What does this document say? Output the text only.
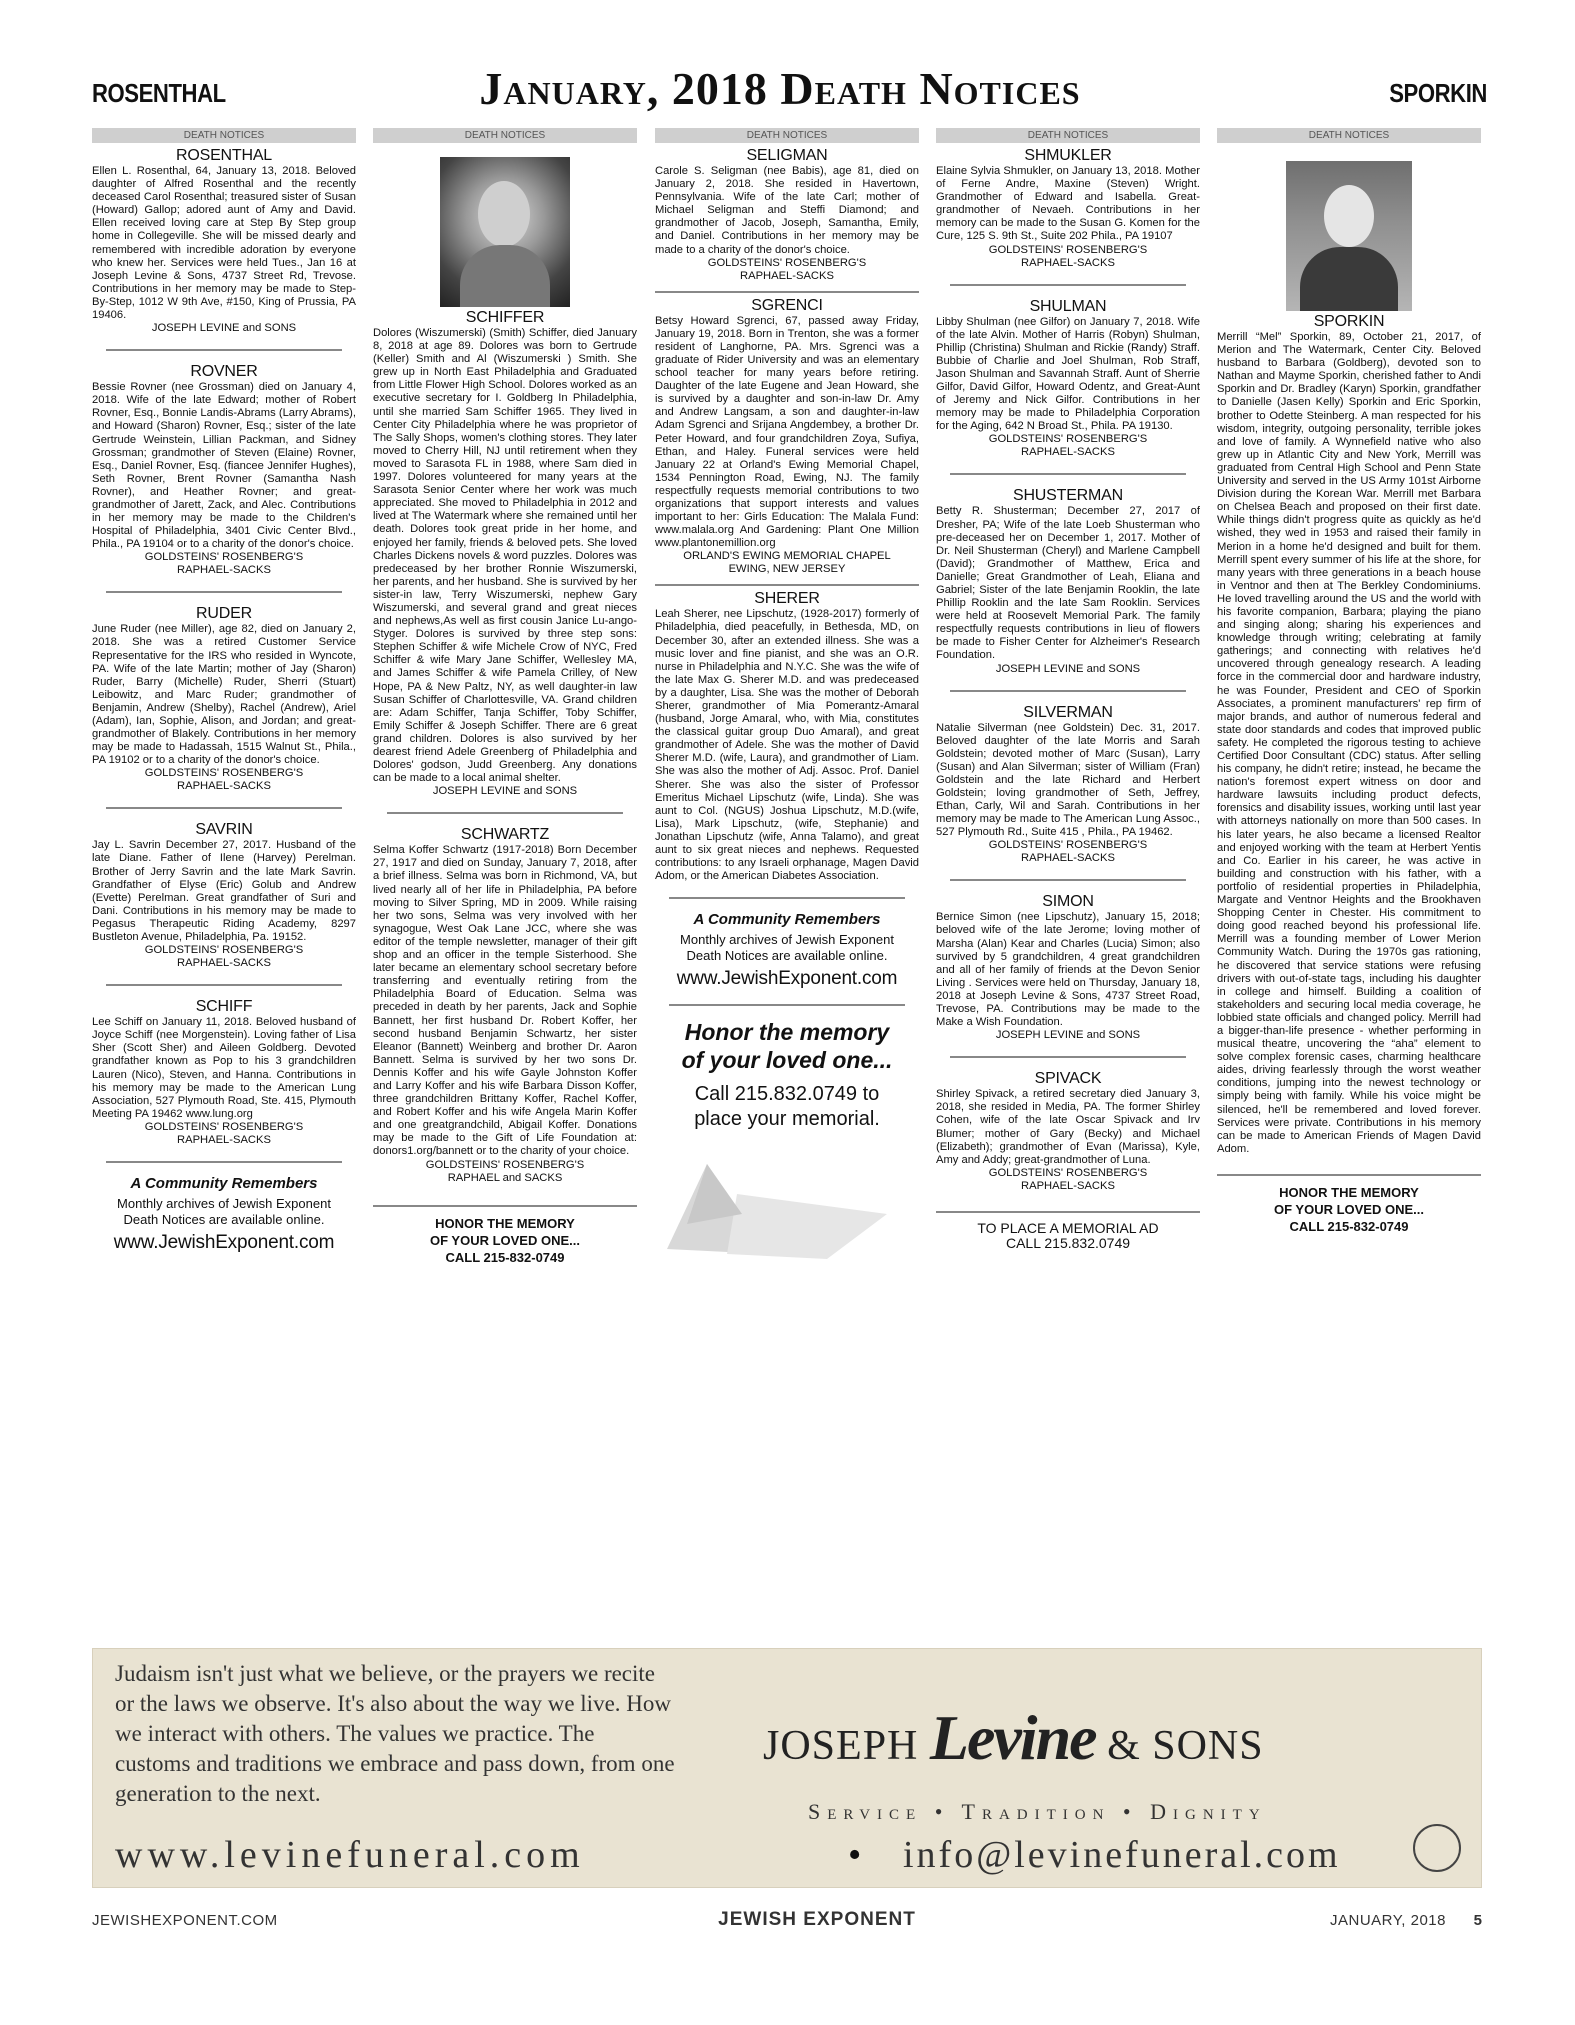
ROSENTHAL	January, 2018 Death Notices	SPORKIN
DEATH NOTICES
ROSENTHAL

Ellen L. Rosenthal, 64, January 13, 2018. Beloved daughter of Alfred Rosenthal and the recently deceased Carol Rosenthal; treasured sister of Susan (Howard) Gallop; adored aunt of Amy and David. Ellen received loving care at Step By Step group home in Collegeville. She will be missed dearly and remembered with incredible adoration by everyone who knew her. Services were held Tues., Jan 16 at Joseph Levine & Sons, 4737 Street Rd, Trevose. Contributions in her memory may be made to Step-By-Step, 1012 W 9th Ave, #150, King of Prussia, PA 19406.

JOSEPH LEVINE and SONS
ROVNER

Bessie Rovner (nee Grossman) died on January 4, 2018. Wife of the late Edward; mother of Robert Rovner, Esq., Bonnie Landis-Abrams (Larry Abrams), and Howard (Sharon) Rovner, Esq.; sister of the late Gertrude Weinstein, Lillian Packman, and Sidney Grossman; grandmother of Steven (Elaine) Rovner, Esq., Daniel Rovner, Esq. (fiancee Jennifer Hughes), Seth Rovner, Brent Rovner (Samantha Nash Rovner), and Heather Rovner; and great-grandmother of Jarett, Zack, and Alec. Contributions in her memory may be made to the Children's Hospital of Philadelphia, 3401 Civic Center Blvd., Phila., PA 19104 or to a charity of the donor's choice.

GOLDSTEINS' ROSENBERG'S
RAPHAEL-SACKS
RUDER

June Ruder (nee Miller), age 82, died on January 2, 2018. She was a retired Customer Service Representative for the IRS who resided in Wyncote, PA. Wife of the late Martin; mother of Jay (Sharon) Ruder, Barry (Michelle) Ruder, Sherri (Stuart) Leibowitz, and Marc Ruder; grandmother of Benjamin, Andrew (Shelby), Rachel (Andrew), Ariel (Adam), Ian, Sophie, Alison, and Jordan; and great-grandmother of Blakely. Contributions in her memory may be made to Hadassah, 1515 Walnut St., Phila., PA 19102 or to a charity of the donor's choice.

GOLDSTEINS' ROSENBERG'S
RAPHAEL-SACKS
SAVRIN

Jay L. Savrin December 27, 2017. Husband of the late Diane. Father of Ilene (Harvey) Perelman. Brother of Jerry Savrin and the late Mark Savrin. Grandfather of Elyse (Eric) Golub and Andrew (Evette) Perelman. Great grandfather of Suri and Dani. Contributions in his memory may be made to Pegasus Therapeutic Riding Academy, 8297 Bustleton Avenue, Philadelphia, Pa. 19152.

GOLDSTEINS' ROSENBERG'S
RAPHAEL-SACKS
SCHIFF

Lee Schiff on January 11, 2018. Beloved husband of Joyce Schiff (nee Morgenstein). Loving father of Lisa Sher (Scott Sher) and Aileen Goldberg. Devoted grandfather known as Pop to his 3 grandchildren Lauren (Nico), Steven, and Hanna. Contributions in his memory may be made to the American Lung Association, 527 Plymouth Road, Ste. 415, Plymouth Meeting PA 19462 www.lung.org

GOLDSTEINS' ROSENBERG'S
RAPHAEL-SACKS
A Community Remembers
Monthly archives of Jewish Exponent
Death Notices are available online.
www.JewishExponent.com
DEATH NOTICES
SCHIFFER

Dolores (Wiszumerski) (Smith) Schiffer, died January 8, 2018 at age 89. Dolores was born to Gertrude (Keller) Smith and Al (Wiszumerski ) Smith. She grew up in North East Philadelphia and Graduated from Little Flower High School. Dolores worked as an executive secretary for I. Goldberg In Philadelphia, until she married Sam Schiffer 1965. They lived in Center City Philadelphia where he was proprietor of The Sally Shops, women's clothing stores. They later moved to Cherry Hill, NJ until retirement when they moved to Sarasota FL in 1988, where Sam died in 1997. Dolores volunteered for many years at the Sarasota Senior Center where her work was much appreciated. She moved to Philadelphia in 2012 and lived at The Watermark where she remained until her death. Dolores took great pride in her home, and enjoyed her family, friends & beloved pets. She loved Charles Dickens novels & word puzzles. Dolores was predeceased by her brother Ronnie Wiszumerski, her parents, and her husband. She is survived by her sister-in law, Terry Wiszumerski, nephew Gary Wiszumerski, and several grand and great nieces and nephews,As well as first cousin Janice Lu-ango-Styger. Dolores is survived by three step sons: Stephen Schiffer & wife Michele Crow of NYC, Fred Schiffer & wife Mary Jane Schiffer, Wellesley MA, and James Schiffer & wife Pamela Crilley, of New Hope, PA & New Paltz, NY, as well daughter-in law Susan Schiffer of Charlottesville, VA. Grand children are: Adam Schiffer, Tanja Schiffer, Toby Schiffer, Emily Schiffer & Joseph Schiffer. There are 6 great grand children. Dolores is also survived by her dearest friend Adele Greenberg of Philadelphia and Dolores' godson, Judd Greenberg. Any donations can be made to a local animal shelter.

JOSEPH LEVINE and SONS
SCHWARTZ

Selma Koffer Schwartz (1917-2018) Born December 27, 1917 and died on Sunday, January 7, 2018, after a brief illness. Selma was born in Richmond, VA, but lived nearly all of her life in Philadelphia, PA before moving to Silver Spring, MD in 2009. While raising her two sons, Selma was very involved with her synagogue, West Oak Lane JCC, where she was editor of the temple newsletter, manager of their gift shop and an officer in the temple Sisterhood. She later became an elementary school secretary before transferring and eventually retiring from the Philadelphia Board of Education. Selma was preceded in death by her parents, Jack and Sophie Bannett, her first husband Dr. Robert Koffer, her second husband Benjamin Schwartz, her sister Eleanor (Bannett) Weinberg and brother Dr. Aaron Bannett. Selma is survived by her two sons Dr. Dennis Koffer and his wife Gayle Johnston Koffer and Larry Koffer and his wife Barbara Disson Koffer, three grandchildren Brittany Koffer, Rachel Koffer, and Robert Koffer and his wife Angela Marin Koffer and one greatgrandchild, Abigail Koffer. Donations may be made to the Gift of Life Foundation at: donors1.org/bannett or to the charity of your choice.

GOLDSTEINS' ROSENBERG'S
RAPHAEL and SACKS
HONOR THE MEMORY
OF YOUR LOVED ONE...
CALL 215-832-0749
DEATH NOTICES
SELIGMAN

Carole S. Seligman (nee Babis), age 81, died on January 2, 2018. She resided in Havertown, Pennsylvania. Wife of the late Carl; mother of Michael Seligman and Steffi Diamond; and grandmother of Jacob, Joseph, Samantha, Emily, and Daniel. Contributions in her memory may be made to a charity of the donor's choice.

GOLDSTEINS' ROSENBERG'S
RAPHAEL-SACKS
SGRENCI

Betsy Howard Sgrenci, 67, passed away Friday, January 19, 2018. Born in Trenton, she was a former resident of Langhorne, PA. Mrs. Sgrenci was a graduate of Rider University and was an elementary school teacher for many years before retiring. Daughter of the late Eugene and Jean Howard, she is survived by a daughter and son-in-law Dr. Amy and Andrew Langsam, a son and daughter-in-law Adam Sgrenci and Srijana Angdembey, a brother Dr. Peter Howard, and four grandchildren Zoya, Sufiya, Ethan, and Haley. Funeral services were held January 22 at Orland's Ewing Memorial Chapel, 1534 Pennington Road, Ewing, NJ. The family respectfully requests memorial contributions to two organizations that support interests and values important to her: Girls Education: The Malala Fund: www.malala.org And Gardening: Plant One Million www.plantonemillion.org

ORLAND'S EWING MEMORIAL CHAPEL
EWING, NEW JERSEY
SHERER

Leah Sherer, nee Lipschutz, (1928-2017) formerly of Philadelphia, died peacefully, in Bethesda, MD, on December 30, after an extended illness. She was a music lover and fine pianist, and she was an O.R. nurse in Philadelphia and N.Y.C. She was the wife of the late Max G. Sherer M.D. and was predeceased by a daughter, Lisa. She was the mother of Deborah Sherer, grandmother of Mia Pomerantz-Amaral (husband, Jorge Amaral, who, with Mia, constitutes the classical guitar group Duo Amaral), and great grandmother of Adele. She was the mother of David Sherer M.D. (wife, Laura), and grandmother of Liam. She was also the mother of Adj. Assoc. Prof. Daniel Sherer. She was also the sister of Professor Emeritus Michael Lipschutz (wife, Linda). She was aunt to Col. (NGUS) Joshua Lipschutz, M.D.(wife, Lisa), Mark Lipschutz, (wife, Stephanie) and Jonathan Lipschutz (wife, Anna Talamo), and great aunt to six great nieces and nephews. Requested contributions: to any Israeli orphanage, Magen David Adom, or the American Diabetes Association.

A Community Remembers
Monthly archives of Jewish Exponent
Death Notices are available online.
www.JewishExponent.com
Honor the memory
of your loved one...
Call 215.832.0749 to
place your memorial.
DEATH NOTICES
SHMUKLER

Elaine Sylvia Shmukler, on January 13, 2018. Mother of Ferne Andre, Maxine (Steven) Wright. Grandmother of Edward and Isabella. Great-grandmother of Nevaeh. Contributions in her memory can be made to the Susan G. Komen for the Cure, 125 S. 9th St., Suite 202 Phila., PA 19107

GOLDSTEINS' ROSENBERG'S
RAPHAEL-SACKS
SHULMAN

Libby Shulman (nee Gilfor) on January 7, 2018. Wife of the late Alvin. Mother of Harris (Robyn) Shulman, Phillip (Christina) Shulman and Rickie (Randy) Straff. Bubbie of Charlie and Joel Shulman, Rob Straff, Jason Shulman and Savannah Straff. Aunt of Sherrie Gilfor, David Gilfor, Howard Odentz, and Great-Aunt of Jeremy and Nick Gilfor. Contributions in her memory may be made to Philadelphia Corporation for the Aging, 642 N Broad St., Phila. PA 19130.

GOLDSTEINS' ROSENBERG'S
RAPHAEL-SACKS
SHUSTERMAN

Betty R. Shusterman; December 27, 2017 of Dresher, PA; Wife of the late Loeb Shusterman who pre-deceased her on December 1, 2017. Mother of Dr. Neil Shusterman (Cheryl) and Marlene Campbell (David); Grandmother of Matthew, Erica and Danielle; Great Grandmother of Leah, Eliana and Gabriel; Sister of the late Benjamin Rooklin, the late Phillip Rooklin and the late Sam Rooklin. Services were held at Roosevelt Memorial Park. The family respectfully requests contributions in lieu of flowers be made to Fisher Center for Alzheimer's Research Foundation.

JOSEPH LEVINE and SONS
SILVERMAN

Natalie Silverman (nee Goldstein) Dec. 31, 2017. Beloved daughter of the late Morris and Sarah Goldstein; devoted mother of Marc (Susan), Larry (Susan) and Alan Silverman; sister of William (Fran) Goldstein and the late Richard and Herbert Goldstein; loving grandmother of Seth, Jeffrey, Ethan, Carly, Wil and Sarah. Contributions in her memory may be made to The American Lung Assoc., 527 Plymouth Rd., Suite 415 , Phila., PA 19462.

GOLDSTEINS' ROSENBERG'S
RAPHAEL-SACKS
SIMON

Bernice Simon (nee Lipschutz), January 15, 2018; beloved wife of the late Jerome; loving mother of Marsha (Alan) Kear and Charles (Lucia) Simon; also survived by 5 grandchildren, 4 great grandchildren and all of her family of friends at the Devon Senior Living . Services were held on Thursday, January 18, 2018 at Joseph Levine & Sons, 4737 Street Road, Trevose, PA. Contributions may be made to the Make a Wish Foundation.

JOSEPH LEVINE and SONS
SPIVACK

Shirley Spivack, a retired secretary died January 3, 2018, she resided in Media, PA. The former Shirley Cohen, wife of the late Oscar Spivack and Irv Blumer; mother of Gary (Becky) and Michael (Elizabeth); grandmother of Evan (Marissa), Kyle, Amy and Addy; great-grandmother of Luna.

GOLDSTEINS' ROSENBERG'S
RAPHAEL-SACKS
TO PLACE A MEMORIAL AD
CALL 215.832.0749
DEATH NOTICES
SPORKIN

Merrill “Mel” Sporkin, 89, October 21, 2017, of Merion and The Watermark, Center City. Beloved husband to Barbara (Goldberg), devoted son to Nathan and Mayme Sporkin, cherished father to Andi Sporkin and Dr. Bradley (Karyn) Sporkin, grandfather to Danielle (Jasen Kelly) Sporkin and Eric Sporkin, brother to Odette Steinberg. A man respected for his wisdom, integrity, outgoing personality, terrible jokes and love of family. A Wynnefield native who also grew up in Atlantic City and New York, Merrill was graduated from Central High School and Penn State University and served in the US Army 101st Airborne Division during the Korean War. Merrill met Barbara on Chelsea Beach and proposed on their first date. While things didn't progress quite as quickly as he'd wished, they wed in 1953 and raised their family in Merion in a home he'd designed and built for them. Merrill spent every summer of his life at the shore, for many years with three generations in a beach house in Ventnor and then at The Berkley Condominiums. He loved travelling around the US and the world with his favorite companion, Barbara; playing the piano and singing along; sharing his experiences and knowledge through writing; celebrating at family gatherings; and connecting with relatives he'd uncovered through genealogy research. A leading force in the commercial door and hardware industry, he was Founder, President and CEO of Sporkin Associates, a prominent manufacturers' rep firm of major brands, and author of numerous federal and state door standards and codes that improved public safety. He completed the rigorous testing to achieve Certified Door Consultant (CDC) status. After selling his company, he didn't retire; instead, he became the nation's foremost expert witness on door and hardware lawsuits including product defects, forensics and disability issues, working until last year with attorneys nationally on more than 500 cases. In his later years, he also became a licensed Realtor and enjoyed working with the team at Herbert Yentis and Co. Earlier in his career, he was active in building and construction with his father, with a portfolio of residential properties in Philadelphia, Margate and Ventnor Heights and the Brookhaven Shopping Center in Chester. His commitment to doing good reached beyond his professional life. Merrill was a founding member of Lower Merion Community Watch. During the 1970s gas rationing, he discovered that service stations were refusing drivers with out-of-state tags, including his daughter in college and himself. Building a coalition of stakeholders and securing local media coverage, he lobbied state officials and changed policy. Merrill had a bigger-than-life presence - whether performing in musical theatre, uncovering the “aha” element to solve complex forensic cases, charming healthcare aides, driving fearlessly through the worst weather conditions, jumping into the newest technology or simply being with family. While his voice might be silenced, he'll be remembered and loved forever. Services were private. Contributions in his memory can be made to American Friends of Magen David Adom.

HONOR THE MEMORY
OF YOUR LOVED ONE...
CALL 215-832-0749
Judaism isn't just what we believe, or the prayers we recite or the laws we observe. It's also about the way we live. How we interact with others. The values we practice. The customs and traditions we embrace and pass down, from one generation to the next.
JOSEPH Levine & SONS
Service • Tradition • Dignity
www.levinefuneral.com	• info@levinefuneral.com
JEWISHEXPONENT.COM	JEWISH EXPONENT	JANUARY, 2018 5
